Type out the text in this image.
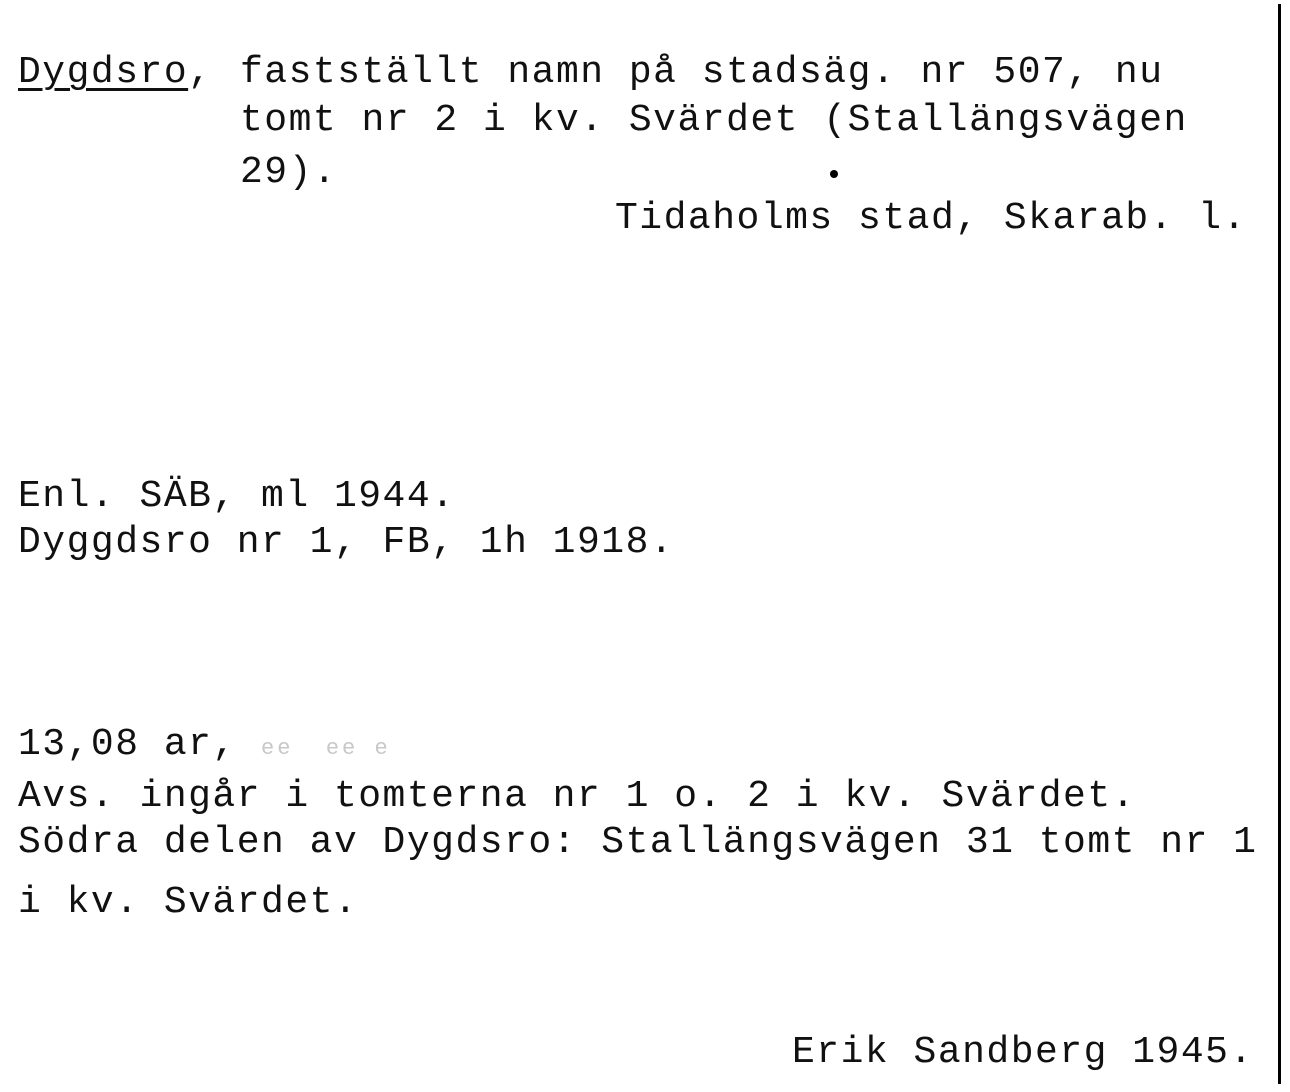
Dygdsro, fastställt namn på stadsäg. nr 507, nu
tomt nr 2 i kv. Svärdet (Stallängsvägen
29).
Tidaholms stad, Skarab. l.
Enl. SÄB, ml 1944.
Dyggdsro nr 1, FB, 1h 1918.
13,08 ar, ee  ee e
Avs. ingår i tomterna nr 1 o. 2 i kv. Svärdet.
Södra delen av Dygdsro: Stallängsvägen 31 tomt nr 1
i kv. Svärdet.
Erik Sandberg 1945.
